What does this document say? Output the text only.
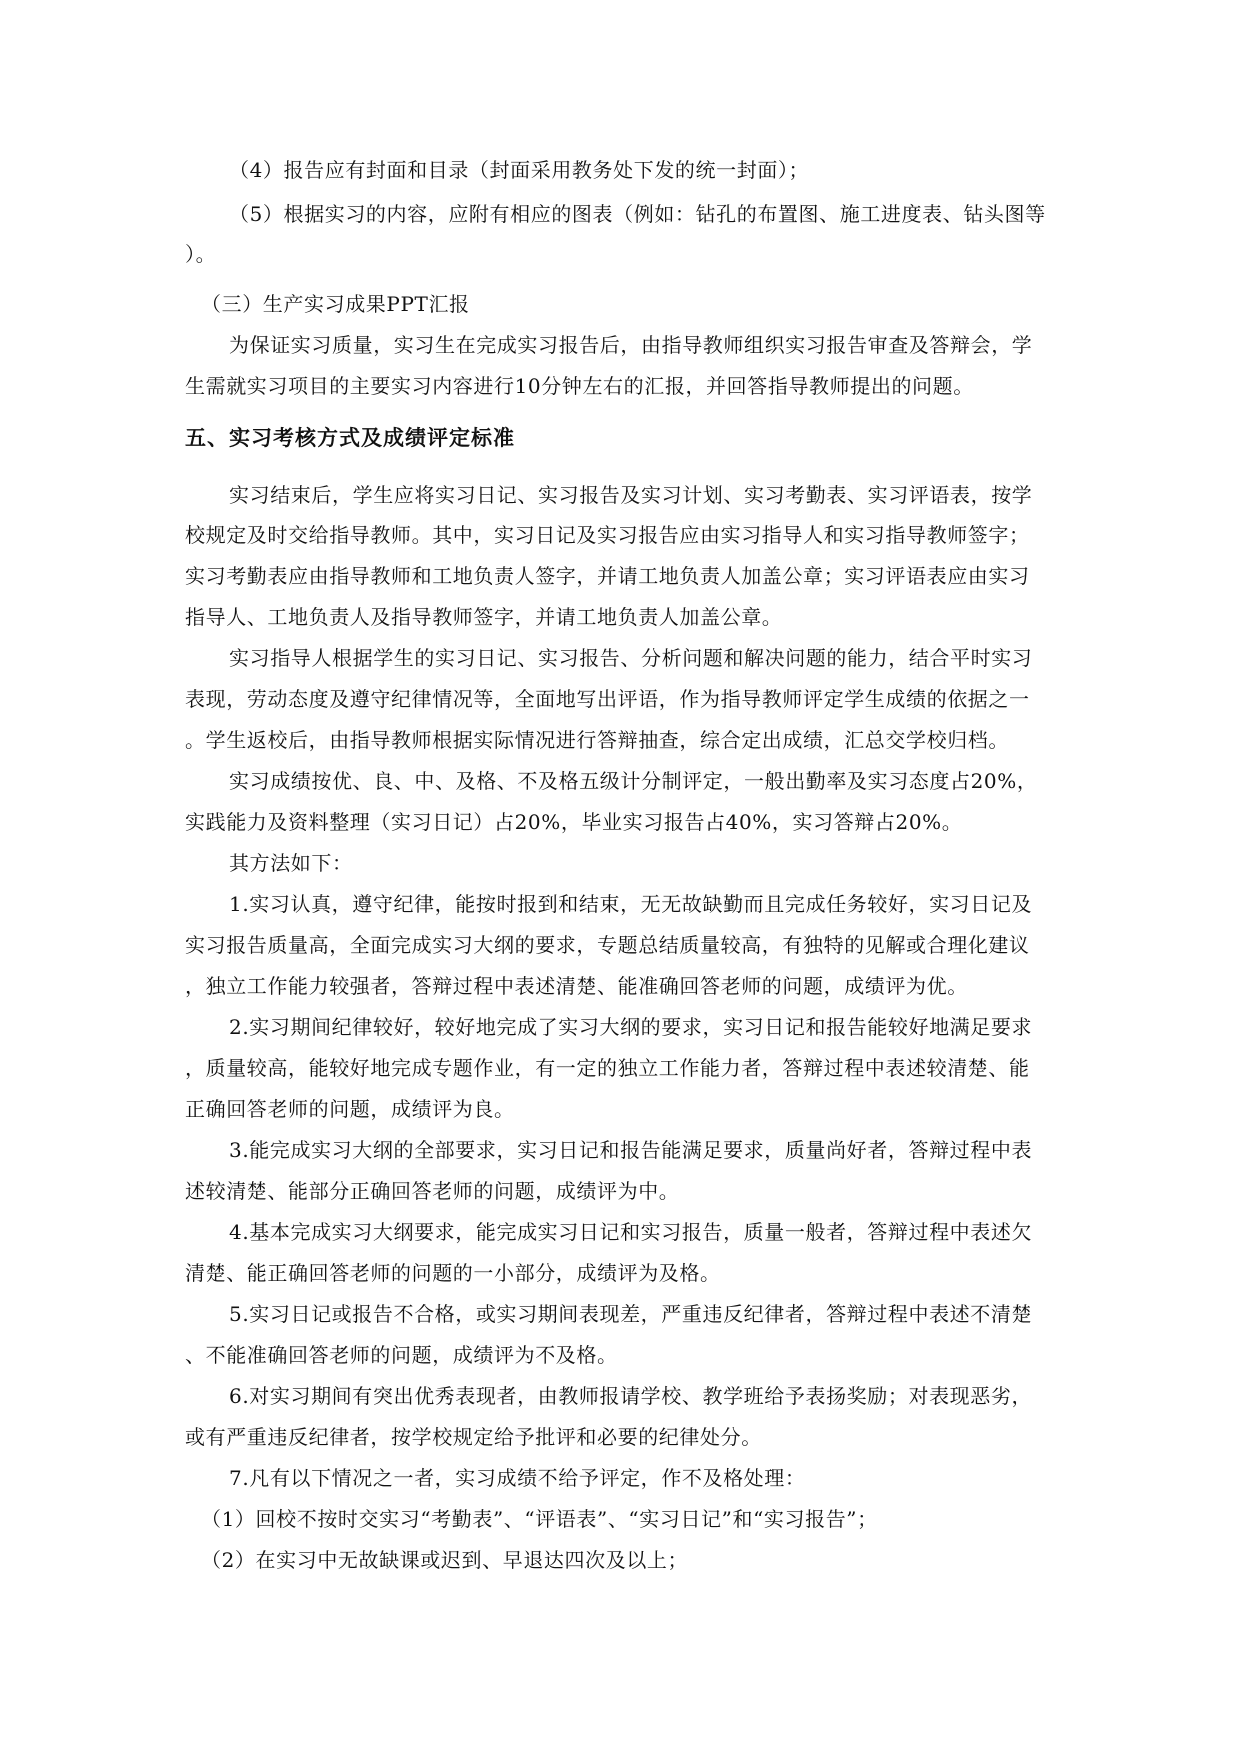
（4）报告应有封面和目录（封面采用教务处下发的统一封面）；
（5）根据实习的内容，应附有相应的图表（例如：钻孔的布置图、施工进度表、钻头图等
）。
（三）生产实习成果PPT汇报
为保证实习质量，实习生在完成实习报告后，由指导教师组织实习报告审查及答辩会，学
生需就实习项目的主要实习内容进行10分钟左右的汇报，并回答指导教师提出的问题。
五、实习考核方式及成绩评定标准
实习结束后，学生应将实习日记、实习报告及实习计划、实习考勤表、实习评语表，按学
校规定及时交给指导教师。其中，实习日记及实习报告应由实习指导人和实习指导教师签字；
实习考勤表应由指导教师和工地负责人签字，并请工地负责人加盖公章；实习评语表应由实习
指导人、工地负责人及指导教师签字，并请工地负责人加盖公章。
实习指导人根据学生的实习日记、实习报告、分析问题和解决问题的能力，结合平时实习
表现，劳动态度及遵守纪律情况等，全面地写出评语，作为指导教师评定学生成绩的依据之一
。学生返校后，由指导教师根据实际情况进行答辩抽查，综合定出成绩，汇总交学校归档。
实习成绩按优、良、中、及格、不及格五级计分制评定，一般出勤率及实习态度占20%，
实践能力及资料整理（实习日记）占20%，毕业实习报告占40%，实习答辩占20%。
其方法如下：
1.实习认真，遵守纪律，能按时报到和结束，无无故缺勤而且完成任务较好，实习日记及
实习报告质量高，全面完成实习大纲的要求，专题总结质量较高，有独特的见解或合理化建议
，独立工作能力较强者，答辩过程中表述清楚、能准确回答老师的问题，成绩评为优。
2.实习期间纪律较好，较好地完成了实习大纲的要求，实习日记和报告能较好地满足要求
，质量较高，能较好地完成专题作业，有一定的独立工作能力者，答辩过程中表述较清楚、能
正确回答老师的问题，成绩评为良。
3.能完成实习大纲的全部要求，实习日记和报告能满足要求，质量尚好者，答辩过程中表
述较清楚、能部分正确回答老师的问题，成绩评为中。
4.基本完成实习大纲要求，能完成实习日记和实习报告，质量一般者，答辩过程中表述欠
清楚、能正确回答老师的问题的一小部分，成绩评为及格。
5.实习日记或报告不合格，或实习期间表现差，严重违反纪律者，答辩过程中表述不清楚
、不能准确回答老师的问题，成绩评为不及格。
6.对实习期间有突出优秀表现者，由教师报请学校、教学班给予表扬奖励；对表现恶劣，
或有严重违反纪律者，按学校规定给予批评和必要的纪律处分。
7.凡有以下情况之一者，实习成绩不给予评定，作不及格处理：
（1）回校不按时交实习“考勤表”、“评语表”、“实习日记”和“实习报告”；
（2）在实习中无故缺课或迟到、早退达四次及以上；
